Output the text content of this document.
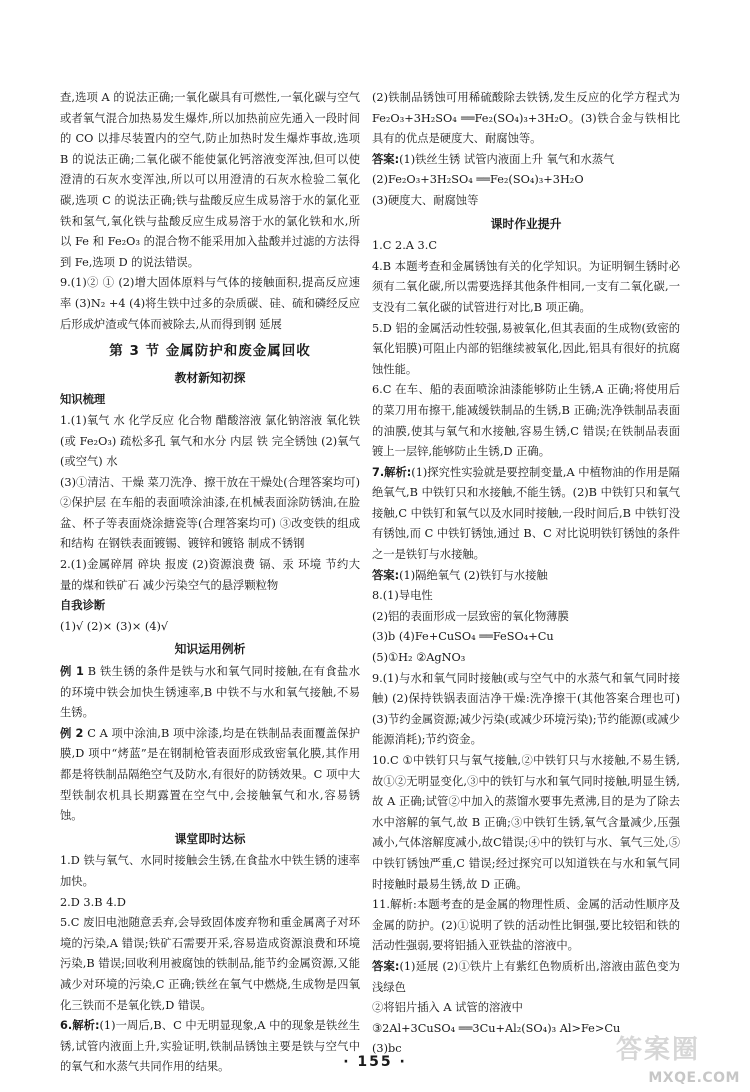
查,选项 A 的说法正确;一氧化碳具有可燃性,一氧化碳与空气或者氧气混合加热易发生爆炸,所以加热前应先通入一段时间的 CO 以排尽装置内的空气,防止加热时发生爆炸事故,选项 B 的说法正确;二氧化碳不能使氯化钙溶液变浑浊,但可以使澄清的石灰水变浑浊,所以可以用澄清的石灰水检验二氧化碳,选项 C 的说法正确;铁与盐酸反应生成易溶于水的氯化亚铁和氢气,氧化铁与盐酸反应生成易溶于水的氯化铁和水,所以 Fe 和 Fe₂O₃ 的混合物不能采用加入盐酸并过滤的方法得到 Fe,选项 D 的说法错误。

9.(1)② ① (2)增大固体原料与气体的接触面积,提高反应速率 (3)N₂ +4 (4)将生铁中过多的杂质碳、硅、硫和磷经反应后形成炉渣或气体而被除去,从而得到钢 延展

第 3 节 金属防护和废金属回收
教材新知初探
知识梳理

1.(1)氧气 水 化学反应 化合物 醋酸溶液 氯化钠溶液 氧化铁(或 Fe₂O₃) 疏松多孔 氧气和水分 内层 铁 完全锈蚀 (2)氧气(或空气) 水

(3)①清洁、干燥 菜刀洗净、擦干放在干燥处(合理答案均可) ②保护层 在车船的表面喷涂油漆,在机械表面涂防锈油,在脸盆、杯子等表面烧涂搪瓷等(合理答案均可) ③改变铁的组成和结构 在钢铁表面镀锡、镀锌和镀铬 制成不锈钢

2.(1)金属碎屑 碎块 报废 (2)资源浪费 镉、汞 环境 节约大量的煤和铁矿石 减少污染空气的悬浮颗粒物

自我诊断

(1)√ (2)× (3)× (4)√

知识运用例析

例 1 B 铁生锈的条件是铁与水和氧气同时接触,在有食盐水的环境中铁会加快生锈速率,B 中铁不与水和氧气接触,不易生锈。

例 2 C A 项中涂油,B 项中涂漆,均是在铁制品表面覆盖保护膜,D 项中“烤蓝”是在钢制枪管表面形成致密氧化膜,其作用都是将铁制品隔绝空气及防水,有很好的防锈效果。C 项中大型铁制农机具长期露置在空气中,会接触氧气和水,容易锈蚀。

课堂即时达标

1.D 铁与氧气、水同时接触会生锈,在食盐水中铁生锈的速率加快。

2.D 3.B 4.D

5.C 废旧电池随意丢弃,会导致固体废弃物和重金属离子对环境的污染,A 错误;铁矿石需要开采,容易造成资源浪费和环境污染,B 错误;回收利用被腐蚀的铁制品,能节约金属资源,又能减少对环境的污染,C 正确;铁丝在氧气中燃烧,生成物是四氧化三铁而不是氧化铁,D 错误。

6.解析:(1)一周后,B、C 中无明显现象,A 中的现象是铁丝生锈,试管内液面上升,实验证明,铁制品锈蚀主要是铁与空气中的氧气和水蒸气共同作用的结果。

(2)铁制品锈蚀可用稀硫酸除去铁锈,发生反应的化学方程式为 Fe₂O₃+3H₂SO₄ ══Fe₂(SO₄)₃+3H₂O。(3)铁合金与铁相比具有的优点是硬度大、耐腐蚀等。

答案:(1)铁丝生锈 试管内液面上升 氧气和水蒸气

(2)Fe₂O₃+3H₂SO₄ ══Fe₂(SO₄)₃+3H₂O

(3)硬度大、耐腐蚀等

课时作业提升

1.C 2.A 3.C

4.B 本题考查和金属锈蚀有关的化学知识。为证明铜生锈时必须有二氧化碳,所以需要选择其他条件相同,一支有二氧化碳,一支没有二氧化碳的试管进行对比,B 项正确。

5.D 铝的金属活动性较强,易被氧化,但其表面的生成物(致密的氧化铝膜)可阻止内部的铝继续被氧化,因此,铝具有很好的抗腐蚀性能。

6.C 在车、船的表面喷涂油漆能够防止生锈,A 正确;将使用后的菜刀用布擦干,能减缓铁制品的生锈,B 正确;洗净铁制品表面的油膜,使其与氧气和水接触,容易生锈,C 错误;在铁制品表面镀上一层锌,能够防止生锈,D 正确。

7.解析:(1)探究性实验就是要控制变量,A 中植物油的作用是隔绝氧气,B 中铁钉只和水接触,不能生锈。(2)B 中铁钉只和氧气接触,C 中铁钉和氧气以及水同时接触,一段时间后,B 中铁钉没有锈蚀,而 C 中铁钉锈蚀,通过 B、C 对比说明铁钉锈蚀的条件之一是铁钉与水接触。

答案:(1)隔绝氧气 (2)铁钉与水接触

8.(1)导电性

(2)铝的表面形成一层致密的氧化物薄膜

(3)b (4)Fe+CuSO₄ ══FeSO₄+Cu

(5)①H₂ ②AgNO₃

9.(1)与水和氧气同时接触(或与空气中的水蒸气和氧气同时接触) (2)保持铁锅表面洁净干燥:洗净擦干(其他答案合理也可) (3)节约金属资源;减少污染(或减少环境污染);节约能源(或减少能源消耗);节约资金。

10.C ①中铁钉只与氧气接触,②中铁钉只与水接触,不易生锈,故①②无明显变化,③中的铁钉与水和氧气同时接触,明显生锈,故 A 正确;试管②中加入的蒸馏水要事先煮沸,目的是为了除去水中溶解的氧气,故 B 正确;③中铁钉生锈,氧气含量减少,压强减小,气体溶解度减小,故C错误;④中的铁钉与水、氧气三处,⑤中铁钉锈蚀严重,C 错误;经过探究可以知道铁在与水和氧气同时接触时最易生锈,故 D 正确。

11.解析:本题考查的是金属的物理性质、金属的活动性顺序及金属的防护。(2)①说明了铁的活动性比铜强,要比较铝和铁的活动性强弱,要将铝插入亚铁盐的溶液中。

答案:(1)延展 (2)①铁片上有紫红色物质析出,溶液由蓝色变为浅绿色

②将铝片插入 A 试管的溶液中

③2Al+3CuSO₄ ══3Cu+Al₂(SO₄)₃ Al>Fe>Cu

(3)bc

· 155 ·	答案圈
MXQE.COM
